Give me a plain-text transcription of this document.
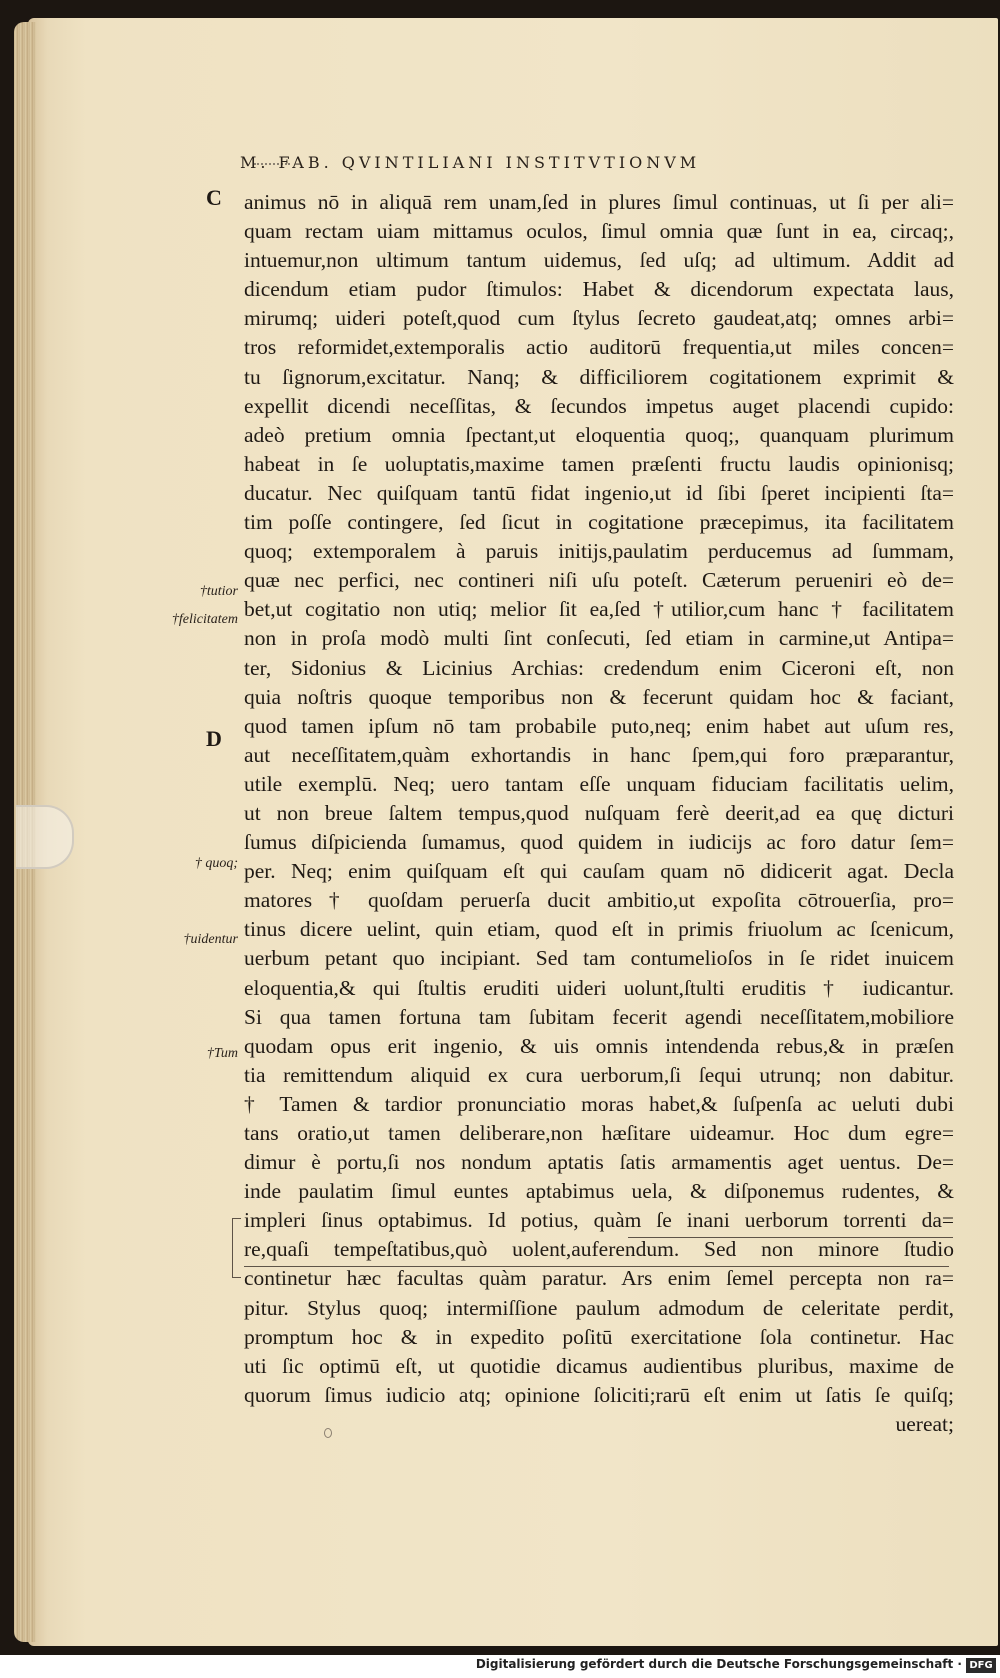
M. FAB. QVINTILIANI INSTITVTIONVM
C
D
†tutior
†felicitatem
† quoq;
†uidentur
†Tum
animus nō in aliquā rem unam,ſed in plures ſimul continuas, ut ſi per ali=
quam rectam uiam mittamus oculos, ſimul omnia quæ ſunt in ea, circaq;,
intuemur,non ultimum tantum uidemus, ſed uſq; ad ultimum. Addit ad
dicendum etiam pudor ſtimulos: Habet & dicendorum expectata laus,
mirumq; uideri poteſt,quod cum ſtylus ſecreto gaudeat,atq; omnes arbi=
tros reformidet,extemporalis actio auditorū frequentia,ut miles concen=
tu ſignorum,excitatur. Nanq; & difficiliorem cogitationem exprimit &
expellit dicendi neceſſitas, & ſecundos impetus auget placendi cupido:
adeò pretium omnia ſpectant,ut eloquentia quoq;, quanquam plurimum
habeat in ſe uoluptatis,maxime tamen præſenti fructu laudis opinionisq;
ducatur. Nec quiſquam tantū fidat ingenio,ut id ſibi ſperet incipienti ſta=
tim poſſe contingere, ſed ſicut in cogitatione præcepimus, ita facilitatem
quoq; extemporalem à paruis initijs,paulatim perducemus ad ſummam,
quæ nec perfici, nec contineri niſi uſu poteſt. Cæterum perueniri eò de=
bet,ut cogitatio non utiq; melior ſit ea,ſed †utilior,cum hanc † facilitatem
non in proſa modò multi ſint conſecuti, ſed etiam in carmine,ut Antipa=
ter, Sidonius & Licinius Archias: credendum enim Ciceroni eſt, non
quia noſtris quoque temporibus non & fecerunt quidam hoc & faciant,
quod tamen ipſum nō tam probabile puto,neq; enim habet aut uſum res,
aut neceſſitatem,quàm exhortandis in hanc ſpem,qui foro præparantur,
utile exemplū. Neq; uero tantam eſſe unquam fiduciam facilitatis uelim,
ut non breue ſaltem tempus,quod nuſquam ferè deerit,ad ea quę dicturi
ſumus diſpicienda ſumamus, quod quidem in iudicijs ac foro datur ſem=
per. Neq; enim quiſquam eſt qui cauſam quam nō didicerit agat. Decla
matores † quoſdam peruerſa ducit ambitio,ut expoſita cōtrouerſia, pro=
tinus dicere uelint, quin etiam, quod eſt in primis friuolum ac ſcenicum,
uerbum petant quo incipiant. Sed tam contumelioſos in ſe ridet inuicem
eloquentia,& qui ſtultis eruditi uideri uolunt,ſtulti eruditis † iudicantur.
Si qua tamen fortuna tam ſubitam fecerit agendi neceſſitatem,mobiliore
quodam opus erit ingenio, & uis omnis intendenda rebus,& in præſen
tia remittendum aliquid ex cura uerborum,ſi ſequi utrunq; non dabitur.
† Tamen & tardior pronunciatio moras habet,& ſuſpenſa ac ueluti dubi
tans oratio,ut tamen deliberare,non hæſitare uideamur. Hoc dum egre=
dimur è portu,ſi nos nondum aptatis ſatis armamentis aget uentus. De=
inde paulatim ſimul euntes aptabimus uela, & diſponemus rudentes, &
impleri ſinus optabimus. Id potius, quàm ſe inani uerborum torrenti da=
re,quaſi tempeſtatibus,quò uolent,auferendum. Sed non minore ſtudio
continetur hæc facultas quàm paratur. Ars enim ſemel percepta non ra=
pitur. Stylus quoq; intermiſſione paulum admodum de celeritate perdit,
promptum hoc & in expedito poſitū exercitatione ſola continetur. Hac
uti ſic optimū eſt, ut quotidie dicamus audientibus pluribus, maxime de
quorum ſimus iudicio atq; opinione ſoliciti;rarū eſt enim ut ſatis ſe quiſq;
uereat;

Digitalisierung gefördert durch die Deutsche Forschungsgemeinschaft · DFG
